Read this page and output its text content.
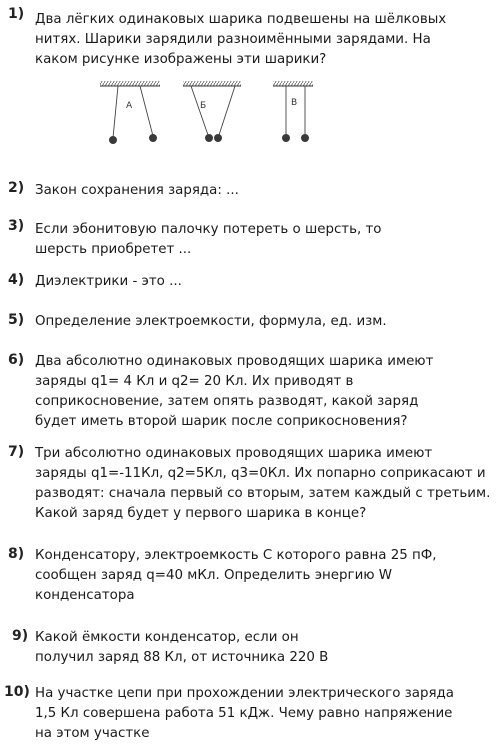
1) Два лёгких одинаковых шарика подвешены на шёлковых
нитях. Шарики зарядили разноимёнными зарядами. На
каком рисунке изображены эти шарики?
А	Б	В
2) Закон сохранения заряда: ...
3) Если эбонитовую палочку потереть о шерсть, то
шерсть приобретет ...
4) Диэлектрики - это ...
5) Определение электроемкости, формула, ед. изм.
6) Два абсолютно одинаковых проводящих шарика имеют
заряды q1= 4 Кл и q2= 20 Кл. Их приводят в
соприкосновение, затем опять разводят, какой заряд
будет иметь второй шарик после соприкосновения?
7) Три абсолютно одинаковых проводящих шарика имеют
заряды q1=-11Кл, q2=5Кл, q3=0Кл. Их попарно соприкасают и
разводят: сначала первый со вторым, затем каждый с третьим.
Какой заряд будет у первого шарика в конце?
8) Конденсатору, электроемкость С которого равна 25 пФ,
сообщен заряд q=40 мКл. Определить энергию W
конденсатора
9) Какой ёмкости конденсатор, если он
получил заряд 88 Кл, от источника 220 В
10) На участке цепи при прохождении электрического заряда
1,5 Кл совершена работа 51 кДж. Чему равно напряжение
на этом участке
